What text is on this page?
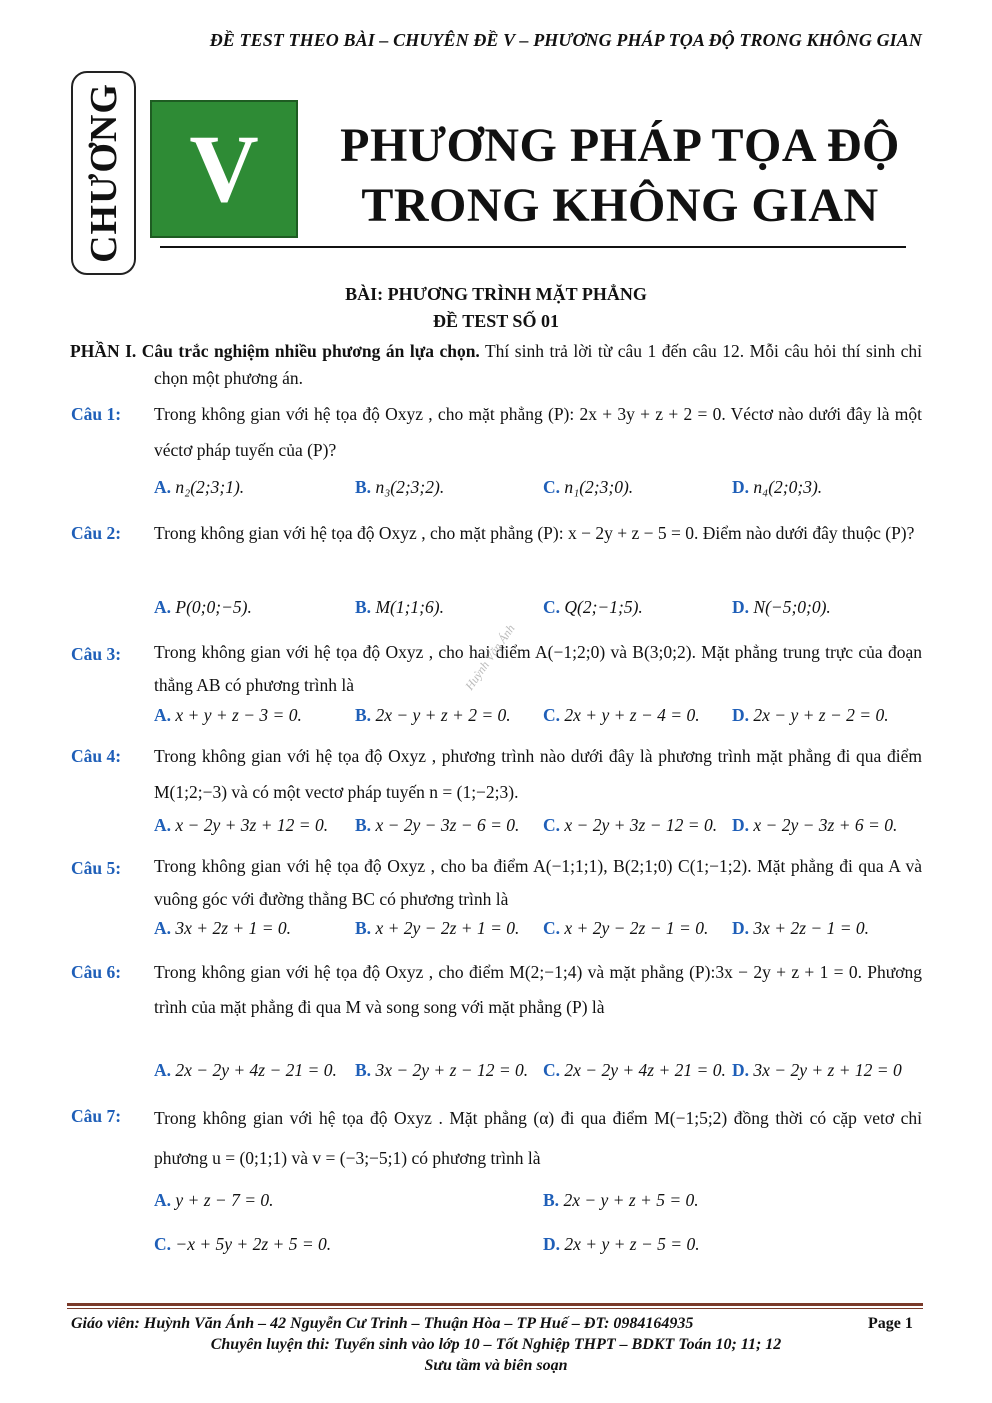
ĐỀ TEST THEO BÀI – CHUYÊN ĐỀ V – PHƯƠNG PHÁP TỌA ĐỘ TRONG KHÔNG GIAN
CHƯƠNG V	PHƯƠNG PHÁP TỌA ĐỘ
TRONG KHÔNG GIAN
BÀI: PHƯƠNG TRÌNH MẶT PHẲNG
ĐỀ TEST SỐ 01
PHẦN I. Câu trắc nghiệm nhiều phương án lựa chọn. Thí sinh trả lời từ câu 1 đến câu 12. Mỗi câu hỏi thí sinh chỉ chọn một phương án.
Câu 1: Trong không gian với hệ tọa độ Oxyz , cho mặt phẳng (P): 2x + 3y + z + 2 = 0. Véctơ nào dưới đây là một véctơ pháp tuyến của (P)?
A. n₂(2;3;1).	B. n₃(2;3;2).	C. n₁(2;3;0).	D. n₄(2;0;3).
Câu 2: Trong không gian với hệ tọa độ Oxyz , cho mặt phẳng (P): x − 2y + z − 5 = 0. Điểm nào dưới đây thuộc (P)?
A. P(0;0;−5).	B. M(1;1;6).	C. Q(2;−1;5).	D. N(−5;0;0).
Câu 3: Trong không gian với hệ tọa độ Oxyz , cho hai điểm A(−1;2;0) và B(3;0;2). Mặt phẳng trung trực của đoạn thẳng AB có phương trình là
A. x + y + z − 3 = 0.	B. 2x − y + z + 2 = 0. C. 2x + y + z − 4 = 0. D. 2x − y + z − 2 = 0.
Huỳnh Văn Ánh
Câu 4: Trong không gian với hệ tọa độ Oxyz , phương trình nào dưới đây là phương trình mặt phẳng đi qua điểm M(1;2;−3) và có một vectơ pháp tuyến n = (1;−2;3).
A. x − 2y + 3z + 12 = 0. B. x − 2y − 3z − 6 = 0. C. x − 2y + 3z − 12 = 0. D. x − 2y − 3z + 6 = 0.
Câu 5: Trong không gian với hệ tọa độ Oxyz , cho ba điểm A(−1;1;1), B(2;1;0) C(1;−1;2). Mặt phẳng đi qua A và vuông góc với đường thẳng BC có phương trình là
A. 3x + 2z + 1 = 0.	B. x + 2y − 2z + 1 = 0. C. x + 2y − 2z − 1 = 0. D. 3x + 2z − 1 = 0.
Câu 6: Trong không gian với hệ tọa độ Oxyz , cho điểm M(2;−1;4) và mặt phẳng (P):3x − 2y + z + 1 = 0. Phương trình của mặt phẳng đi qua M và song song với mặt phẳng (P) là
A. 2x − 2y + 4z − 21 = 0. B. 3x − 2y + z − 12 = 0. C. 2x − 2y + 4z + 21 = 0. D. 3x − 2y + z + 12 = 0
Câu 7: Trong không gian với hệ tọa độ Oxyz . Mặt phẳng (α) đi qua điểm M(−1;5;2) đồng thời có cặp vetơ chỉ phương u = (0;1;1) và v = (−3;−5;1) có phương trình là
A. y + z − 7 = 0.	B. 2x − y + z + 5 = 0.
C. −x + 5y + 2z + 5 = 0.	D. 2x + y + z − 5 = 0.
Giáo viên: Huỳnh Văn Ánh – 42 Nguyễn Cư Trinh – Thuận Hòa – TP Huế – ĐT: 0984164935	Page 1
Chuyên luyện thi: Tuyển sinh vào lớp 10 – Tốt Nghiệp THPT – BDKT Toán 10; 11; 12
Sưu tầm và biên soạn
